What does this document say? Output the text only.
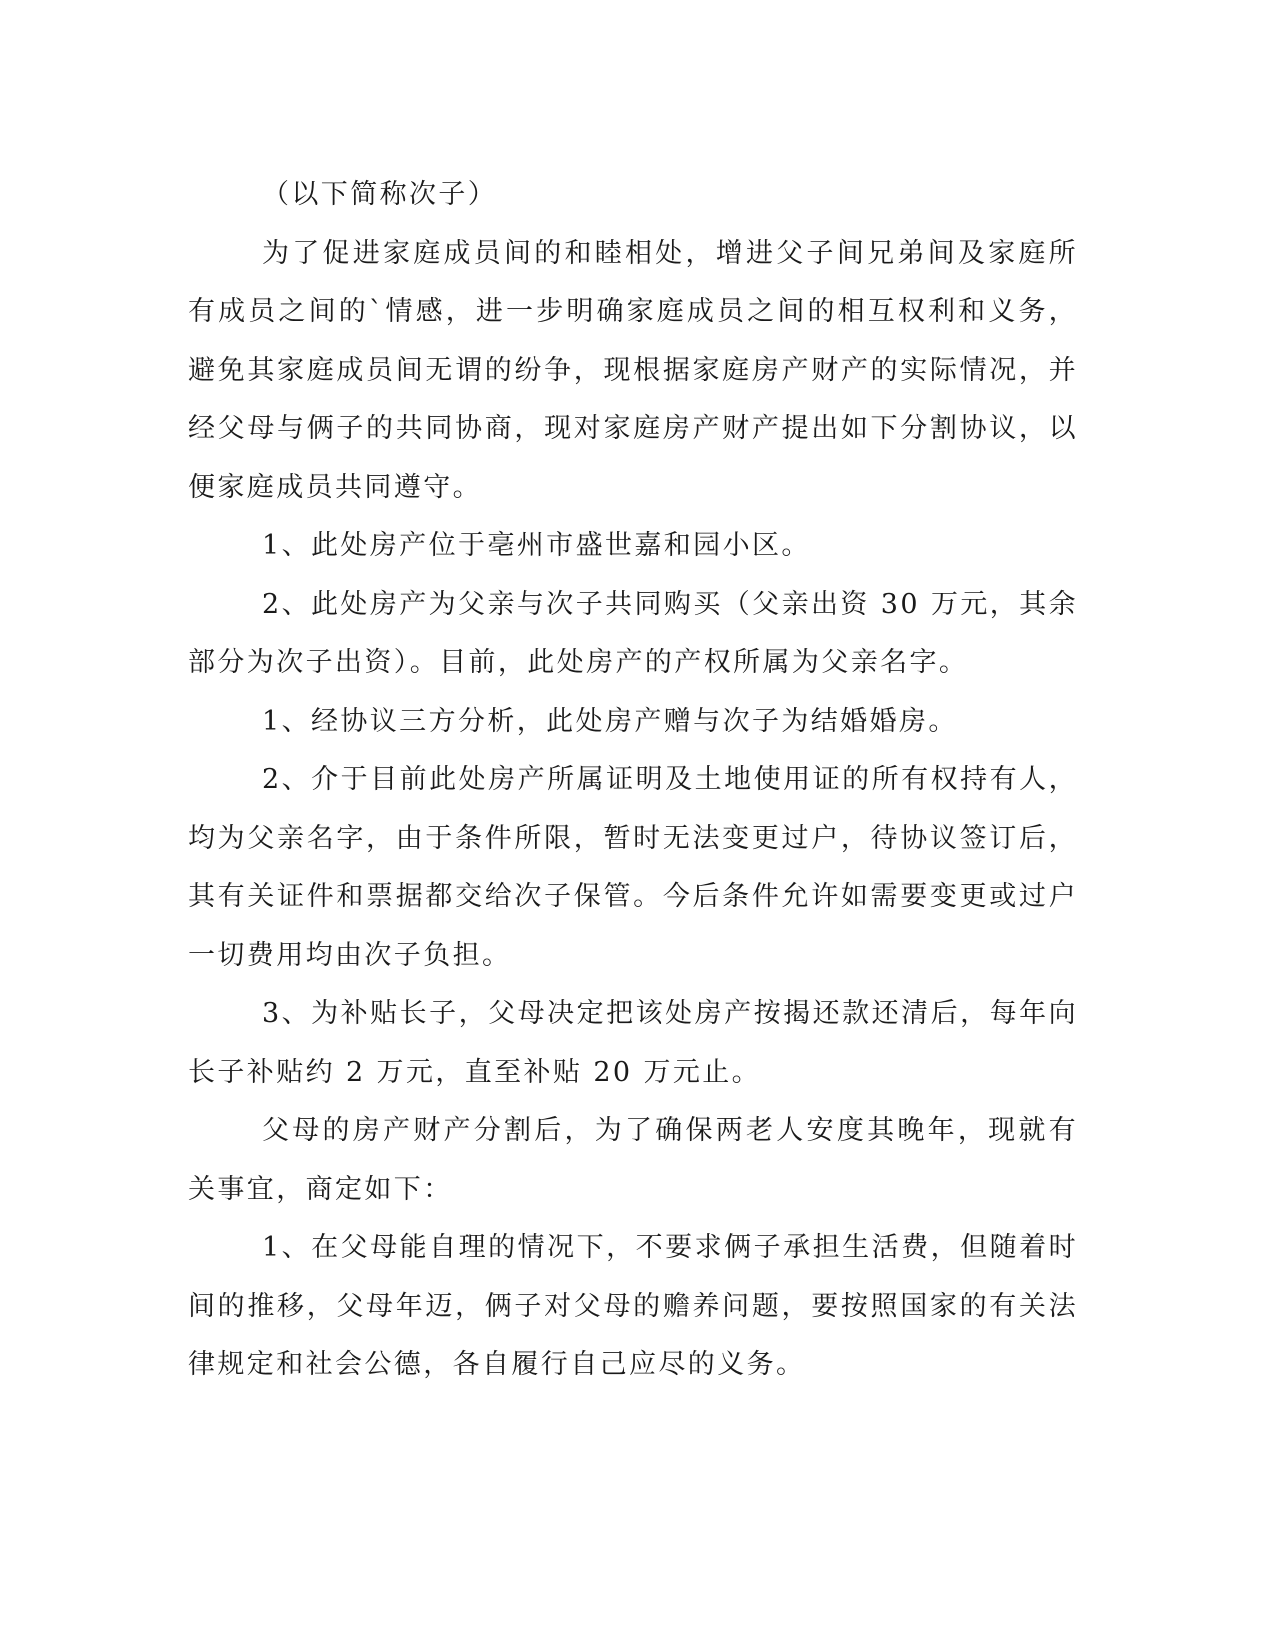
（以下简称次子）

为了促进家庭成员间的和睦相处，增进父子间兄弟间及家庭所有成员之间的`情感，进一步明确家庭成员之间的相互权利和义务，避免其家庭成员间无谓的纷争，现根据家庭房产财产的实际情况，并经父母与俩子的共同协商，现对家庭房产财产提出如下分割协议，以便家庭成员共同遵守。

1、此处房产位于亳州市盛世嘉和园小区。

2、此处房产为父亲与次子共同购买（父亲出资 30 万元，其余部分为次子出资）。目前，此处房产的产权所属为父亲名字。

1、经协议三方分析，此处房产赠与次子为结婚婚房。

2、介于目前此处房产所属证明及土地使用证的所有权持有人，均为父亲名字，由于条件所限，暂时无法变更过户，待协议签订后，其有关证件和票据都交给次子保管。今后条件允许如需要变更或过户一切费用均由次子负担。

3、为补贴长子，父母决定把该处房产按揭还款还清后，每年向长子补贴约 2 万元，直至补贴 20 万元止。

父母的房产财产分割后，为了确保两老人安度其晚年，现就有关事宜，商定如下：

1、在父母能自理的情况下，不要求俩子承担生活费，但随着时间的推移，父母年迈，俩子对父母的赡养问题，要按照国家的有关法律规定和社会公德，各自履行自己应尽的义务。
